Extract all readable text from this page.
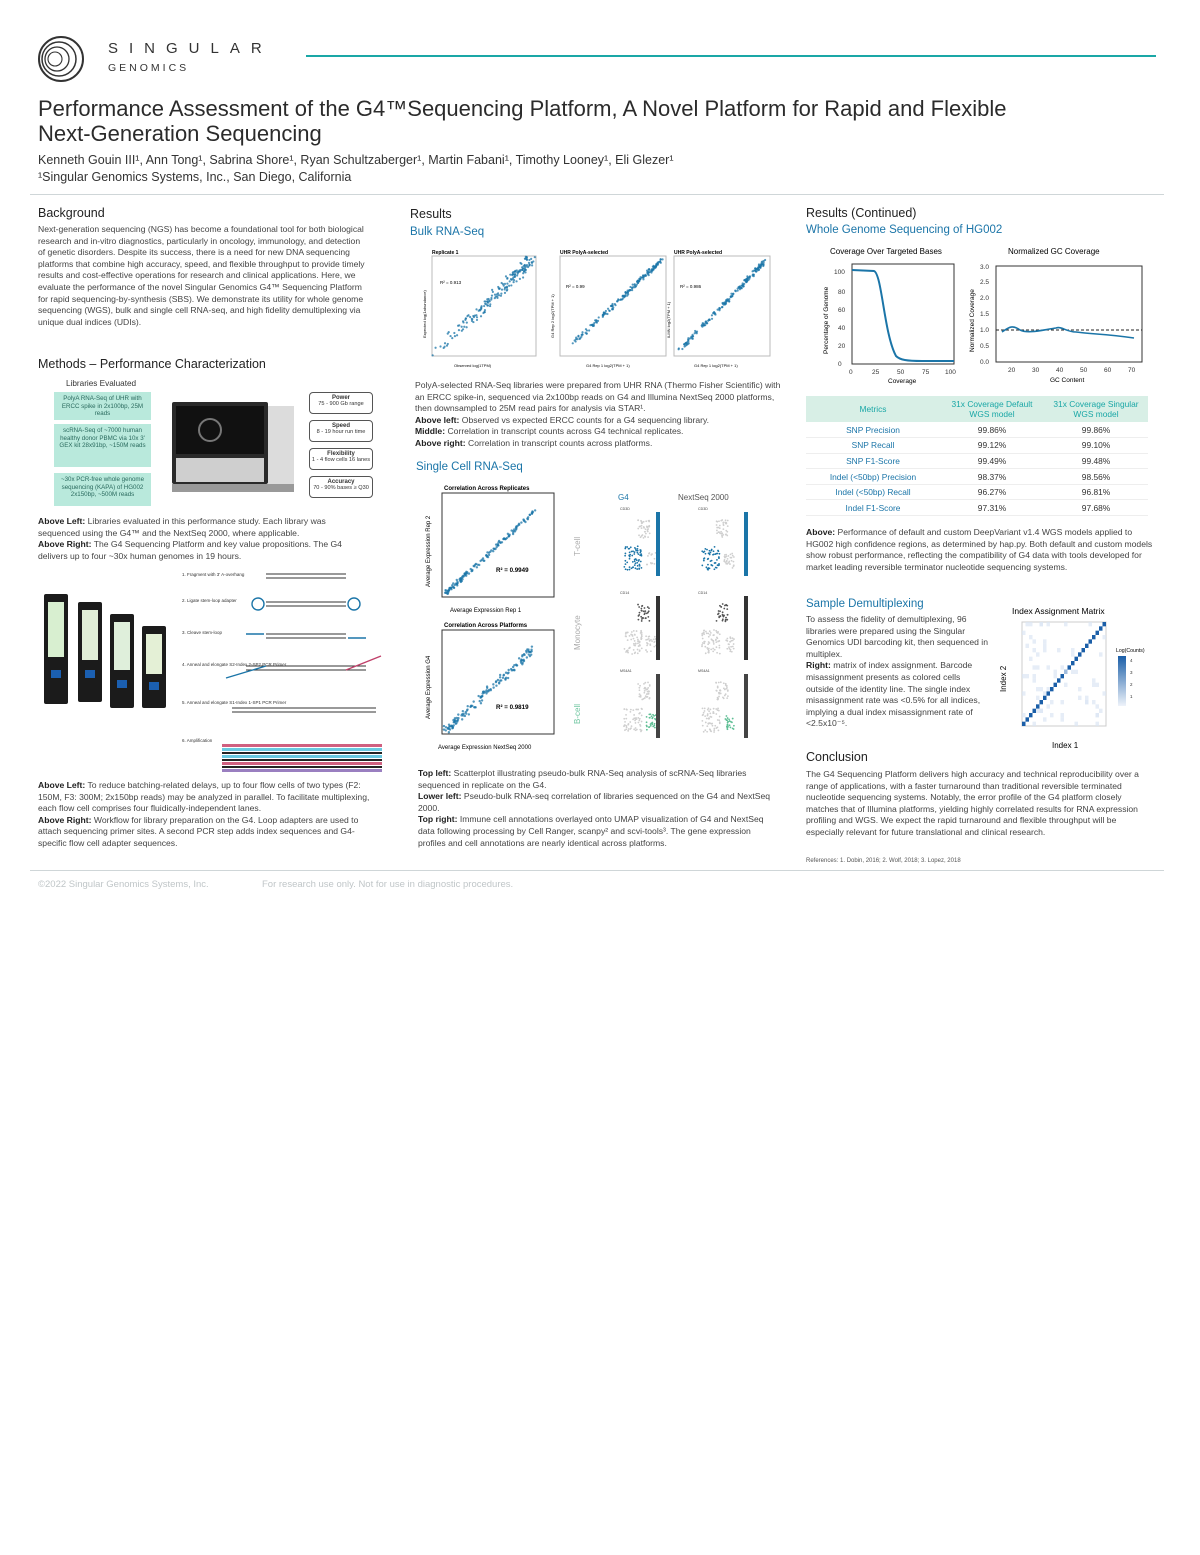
SINGULAR
GENOMICS
Performance Assessment of the G4™Sequencing Platform, A Novel Platform for Rapid and Flexible
Next-Generation Sequencing
Kenneth Gouin III¹, Ann Tong¹, Sabrina Shore¹, Ryan Schultzaberger¹, Martin Fabani¹, Timothy Looney¹, Eli Glezer¹
¹Singular Genomics Systems, Inc., San Diego, California
Background
Next-generation sequencing (NGS) has become a foundational tool for both biological research and in-vitro diagnostics, particularly in oncology, immunology, and detection of genetic disorders. Despite its success, there is a need for new DNA sequencing platforms that combine high accuracy, speed, and flexible throughput to provide timely results and cost-effective operations for research and clinical applications. Here, we evaluate the performance of the novel Singular Genomics G4™ Sequencing Platform for rapid sequencing-by-synthesis (SBS). We demonstrate its utility for whole genome sequencing (WGS), bulk and single cell RNA-seq, and high fidelity demultiplexing via unique dual indices (UDIs).
Methods – Performance Characterization
Libraries Evaluated
PolyA RNA-Seq of UHR with ERCC spike in 2x100bp, 25M reads
scRNA-Seq of ~7000 human healthy donor PBMC via 10x 3' GEX kit 28x91bp, ~150M reads
~30x PCR-free whole genome sequencing (KAPA) of HG002 2x150bp, ~500M reads
Power
75 - 900 Gb range
Speed
8 - 19 hour run time
Flexibility
1 - 4 flow cells 16 lanes
Accuracy
70 - 90% bases ≥ Q30
Above Left: Libraries evaluated in this performance study. Each library was sequenced using the G4™ and the NextSeq 2000, where applicable.
Above Right: The G4 Sequencing Platform and key value propositions. The G4 delivers up to four ~30x human genomes in 19 hours.
1. Fragment with 3' A-overhang
2. Ligate stem-loop adapter
3. Cleave stem-loop
4. Anneal and elongate S2-Index 2-SP2 PCR Primer
5. Anneal and elongate S1-Index 1-SP1 PCR Primer
6. Amplification
Above Left: To reduce batching-related delays, up to four flow cells of two types (F2: 150M, F3: 300M; 2x150bp reads) may be analyzed in parallel. To facilitate multiplexing, each flow cell comprises four fluidically-independent lanes.
Above Right: Workflow for library preparation on the G4. Loop adapters are used to attach sequencing primer sites. A second PCR step adds index sequences and G4-specific flow cell adapter sequences.
Results
Bulk RNA-Seq
Replicate 1
R² = 0.913
Observed log(1TPM)
Expected log(1abundance)
UHR PolyA-selected
R² = 0.99
G4 Rep 1 log2(TPM + 1)
G4 Rep 2 log2(TPM + 1)
UHR PolyA-selected
R² = 0.986
G4 Rep 1 log2(TPM + 1)
ILMN log2(TPM + 1)
PolyA-selected RNA-Seq libraries were prepared from UHR RNA (Thermo Fisher Scientific) with an ERCC spike-in, sequenced via 2x100bp reads on G4 and Illumina NextSeq 2000 platforms, then downsampled to 25M read pairs for analysis via STAR¹.
Above left: Observed vs expected ERCC counts for a G4 sequencing library.
Middle: Correlation in transcript counts across G4 technical replicates.
Above right: Correlation in transcript counts across platforms.
Single Cell RNA-Seq
Correlation Across Replicates
R² = 0.9949
Average Expression Rep 1
Average Expression Rep 2
Correlation Across Platforms
R² = 0.9819
Average Expression NextSeq 2000
Average Expression G4
G4	NextSeq 2000
T-cell
Monocyte
B-cell
CD3D	CD3D
CD14	CD14
MS4A1	MS4A1
Top left: Scatterplot illustrating pseudo-bulk RNA-Seq analysis of scRNA-Seq libraries sequenced in replicate on the G4.
Lower left: Pseudo-bulk RNA-seq correlation of libraries sequenced on the G4 and NextSeq 2000.
Top right: Immune cell annotations overlayed onto UMAP visualization of G4 and NextSeq data following processing by Cell Ranger, scanpy² and scvi-tools³. The gene expression profiles and cell annotations are nearly identical across platforms.
Results (Continued)
Whole Genome Sequencing of HG002
Coverage Over Targeted Bases
0
20
40
60
80
100
0	25	50	75 100
Coverage
Percentage of Genome
Normalized GC Coverage
0.0
0.5
1.0
1.5
2.0
2.5
3.0
20	30	40	50	60	70
GC Content
Normalized Coverage
Metrics	31x Coverage Default WGS model	31x Coverage Singular WGS model
SNP Precision	99.86%	99.86%
SNP Recall	99.12%	99.10%
SNP F1-Score	99.49%	99.48%
Indel (<50bp) Precision	98.37%	98.56%
Indel (<50bp) Recall	96.27%	96.81%
Indel F1-Score	97.31%	97.68%
Above: Performance of default and custom DeepVariant v1.4 WGS models applied to HG002 high confidence regions, as determined by hap.py. Both default and custom models show robust performance, reflecting the compatibility of G4 data with tools developed for market leading reversible terminator nucleotide sequencing systems.
Sample Demultiplexing
To assess the fidelity of demultiplexing, 96 libraries were prepared using the Singular Genomics UDI barcoding kit, then sequenced in multiplex.
Right: matrix of index assignment. Barcode misassignment presents as colored cells outside of the identity line. The single index misassignment rate was <0.5% for all indices, implying a dual index misassignment rate of <2.5x10⁻⁵.
Index Assignment Matrix
Index 1
Index 2
Log(Counts)
4
3
2
1
Conclusion
The G4 Sequencing Platform delivers high accuracy and technical reproducibility over a range of applications, with a faster turnaround than traditional reversible terminated nucleotide sequencing systems. Notably, the error profile of the G4 platform closely matches that of Illumina platforms, yielding highly correlated results for RNA expression profiling and WGS. We expect the rapid turnaround and flexible throughput will be especially relevant for future translational and clinical research.
References: 1. Dobin, 2016; 2. Wolf, 2018; 3. Lopez, 2018
©2022 Singular Genomics Systems, Inc.	For research use only. Not for use in diagnostic procedures.
